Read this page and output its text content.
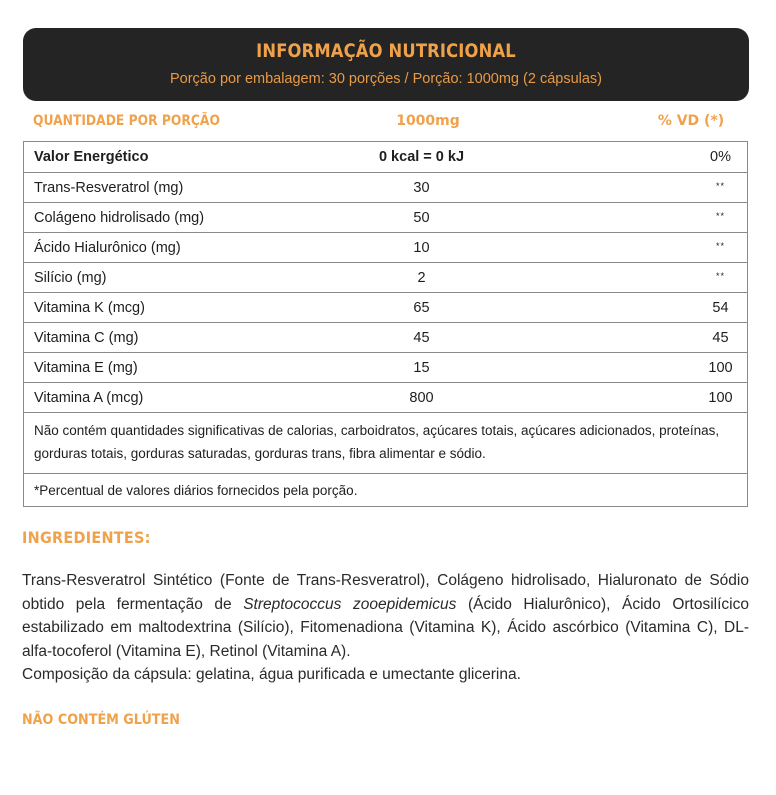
INFORMAÇÃO NUTRICIONAL
Porção por embalagem: 30 porções / Porção: 1000mg (2 cápsulas)
QUANTIDADE POR PORÇÃO	1000mg	% VD (*)
Valor Energético	0 kcal = 0 kJ	0%
Trans-Resveratrol (mg)	30	**
Colágeno hidrolisado (mg)	50	**
Ácido Hialurônico (mg)	10	**
Silício (mg)	2	**
Vitamina K (mcg)	65	54
Vitamina C (mg)	45	45
Vitamina E (mg)	15	100
Vitamina A (mcg)	800	100
Não contém quantidades significativas de calorias, carboidratos, açúcares totais, açúcares adicionados, proteínas, gorduras totais, gorduras saturadas, gorduras trans, fibra alimentar e sódio.		
*Percentual de valores diários fornecidos pela porção.		
INGREDIENTES:
Trans-Resveratrol Sintético (Fonte de Trans-Resveratrol), Colágeno hidrolisado, Hialuronato de Sódio obtido pela fermentação de Streptococcus zooepidemicus (Ácido Hialurônico), Ácido Ortosilícico estabilizado em maltodextrina (Silício), Fitomenadiona (Vitamina K), Ácido ascórbico (Vitamina C), DL-alfa-tocoferol (Vitamina E), Retinol (Vitamina A).
Composição da cápsula: gelatina, água purificada e umectante glicerina.
NÃO CONTÉM GLÚTEN
